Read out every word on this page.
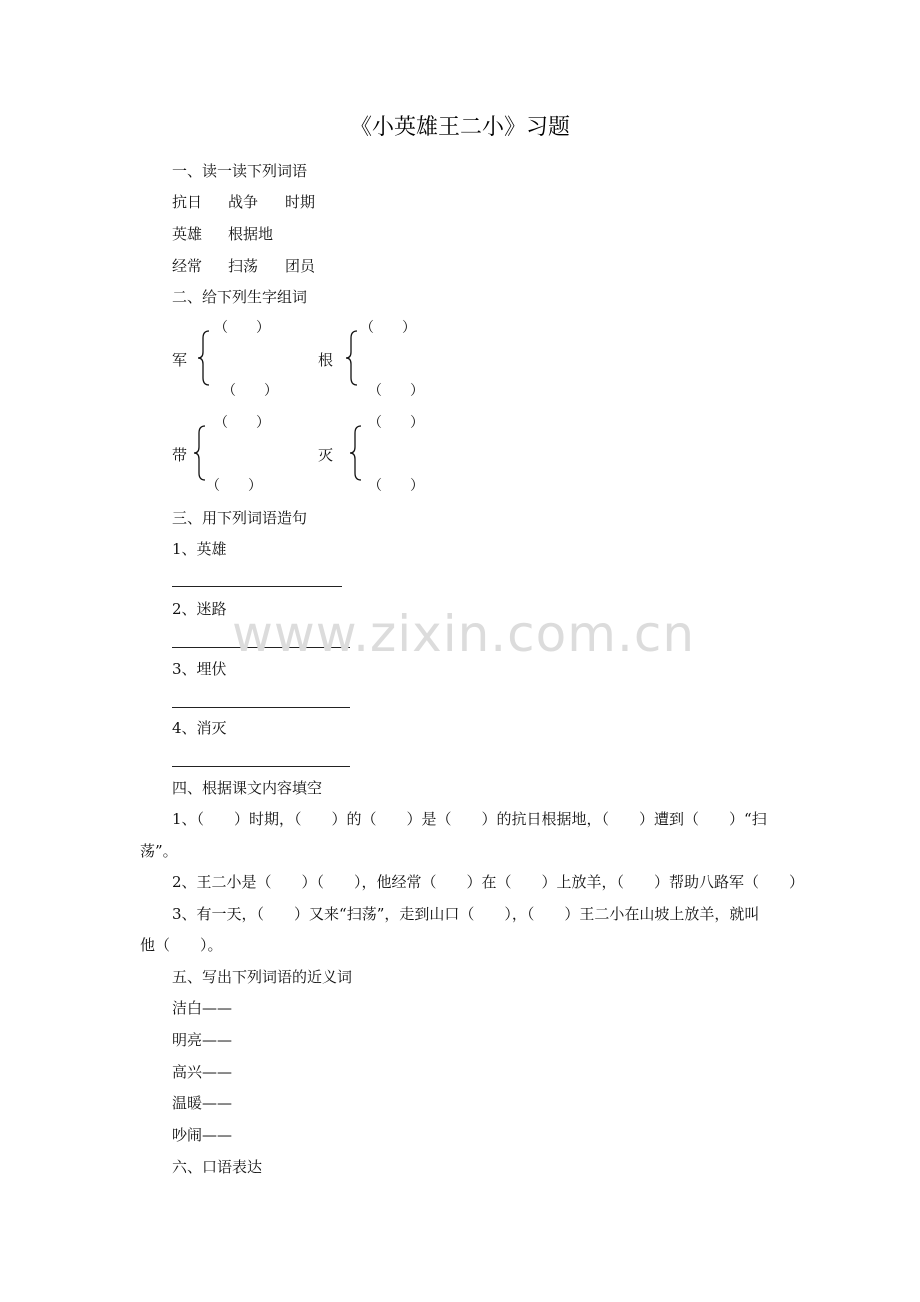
《小英雄王二小》习题
一、读一读下列词语
抗日 战争 时期
英雄 根据地
经常 扫荡 团员
二、给下列生字组词
军
（　　）
（　　）
根
（　　）
（　　）
带
（　　）
（　　）
灭
（　　）
（　　）
三、用下列词语造句
1、英雄
2、迷路
3、埋伏
4、消灭
www.zixin.com.cn
四、根据课文内容填空
1、（　　）时期，（　　）的（　　）是（　　）的抗日根据地，（　　）遭到（　　）“扫
荡”。
2、王二小是（　　）（　　），他经常（　　）在（　　）上放羊，（　　）帮助八路军（　　）
3、有一天，（　　）又来“扫荡”，走到山口（　　），（　　）王二小在山坡上放羊，就叫
他（　　）。
五、写出下列词语的近义词
洁白——
明亮——
高兴——
温暖——
吵闹——
六、口语表达
